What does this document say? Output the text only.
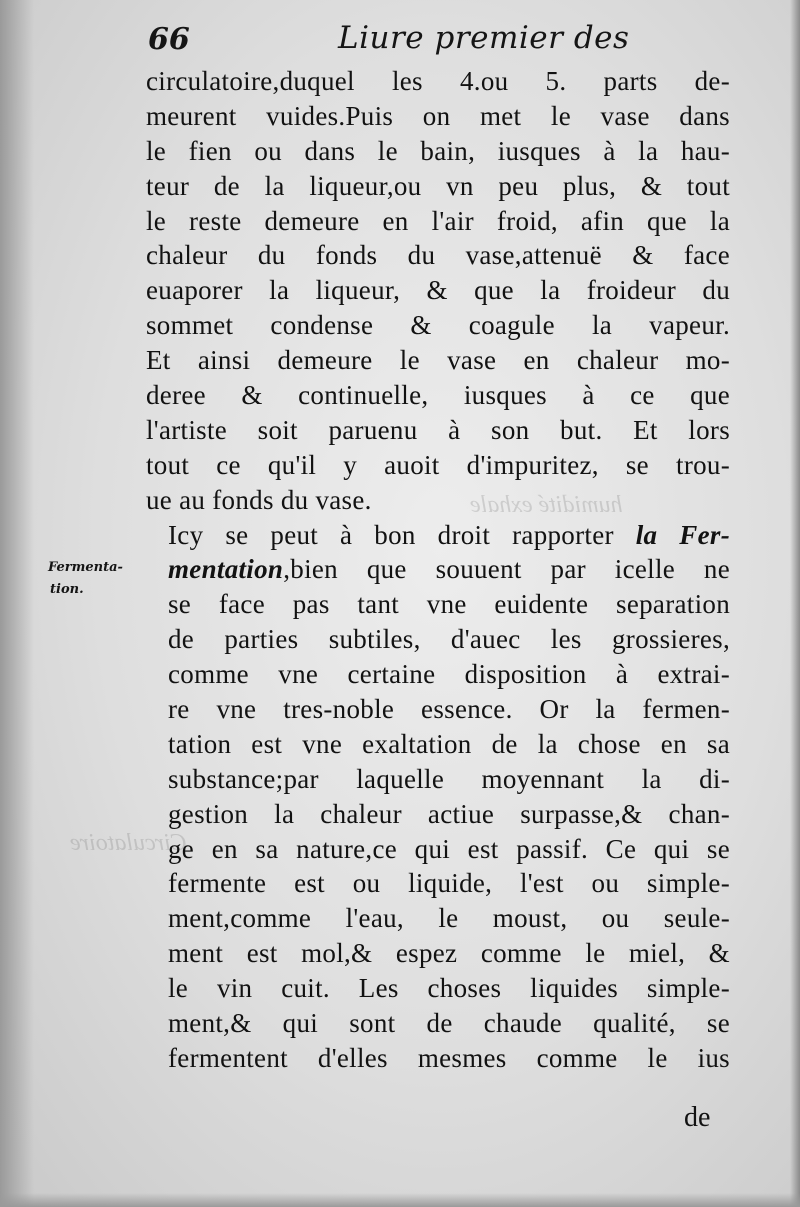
humidité exhale
Circulatoire
66	Liure premier des
Fermenta-
tion.
circulatoire,duquel les 4.ou 5. parts de-
meurent vuides.Puis on met le vase dans
le fien ou dans le bain, iusques à la hau-
teur de la liqueur,ou vn peu plus, & tout
le reste demeure en l'air froid, afin que la
chaleur du fonds du vase,attenuë & face
euaporer la liqueur, & que la froideur du
sommet condense & coagule la vapeur.
Et ainsi demeure le vase en chaleur mo-
deree & continuelle, iusques à ce que
l'artiste soit paruenu à son but. Et lors
tout ce qu'il y auoit d'impuritez, se trou-
ue au fonds du vase.
Icy se peut à bon droit rapporter la Fer-
mentation,bien que souuent par icelle ne
se face pas tant vne euidente separation
de parties subtiles, d'auec les grossieres,
comme vne certaine disposition à extrai-
re vne tres-noble essence. Or la fermen-
tation est vne exaltation de la chose en sa
substance;par laquelle moyennant la di-
gestion la chaleur actiue surpasse,& chan-
ge en sa nature,ce qui est passif. Ce qui se
fermente est ou liquide, l'est ou simple-
ment,comme l'eau, le moust, ou seule-
ment est mol,& espez comme le miel, &
le vin cuit. Les choses liquides simple-
ment,& qui sont de chaude qualité, se
fermentent d'elles mesmes comme le ius
de
